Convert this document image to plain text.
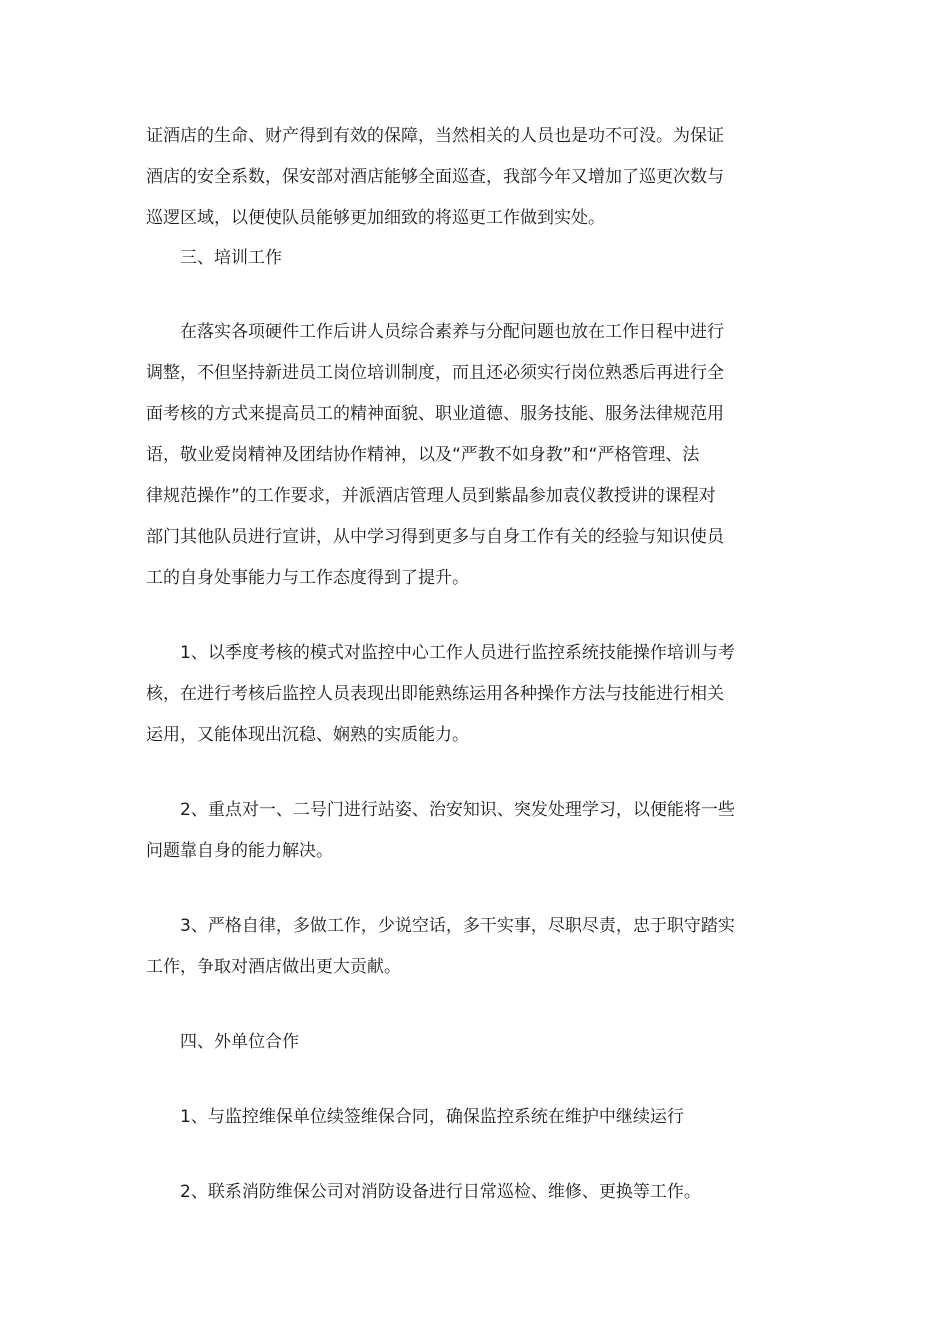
证酒店的生命、财产得到有效的保障，当然相关的人员也是功不可没。为保证
酒店的安全系数，保安部对酒店能够全面巡查，我部今年又增加了巡更次数与
巡逻区域，以便使队员能够更加细致的将巡更工作做到实处。
三、培训工作
在落实各项硬件工作后讲人员综合素养与分配问题也放在工作日程中进行
调整，不但坚持新进员工岗位培训制度，而且还必须实行岗位熟悉后再进行全
面考核的方式来提高员工的精神面貌、职业道德、服务技能、服务法律规范用
语，敬业爱岗精神及团结协作精神，以及“严教不如身教”和“严格管理、法
律规范操作”的工作要求，并派酒店管理人员到紫晶参加袁仪教授讲的课程对
部门其他队员进行宣讲，从中学习得到更多与自身工作有关的经验与知识使员
工的自身处事能力与工作态度得到了提升。
1、以季度考核的模式对监控中心工作人员进行监控系统技能操作培训与考
核，在进行考核后监控人员表现出即能熟练运用各种操作方法与技能进行相关
运用，又能体现出沉稳、娴熟的实质能力。
2、重点对一、二号门进行站姿、治安知识、突发处理学习，以便能将一些
问题靠自身的能力解决。
3、严格自律，多做工作，少说空话，多干实事，尽职尽责，忠于职守踏实
工作，争取对酒店做出更大贡献。
四、外单位合作
1、与监控维保单位续签维保合同，确保监控系统在维护中继续运行
2、联系消防维保公司对消防设备进行日常巡检、维修、更换等工作。
